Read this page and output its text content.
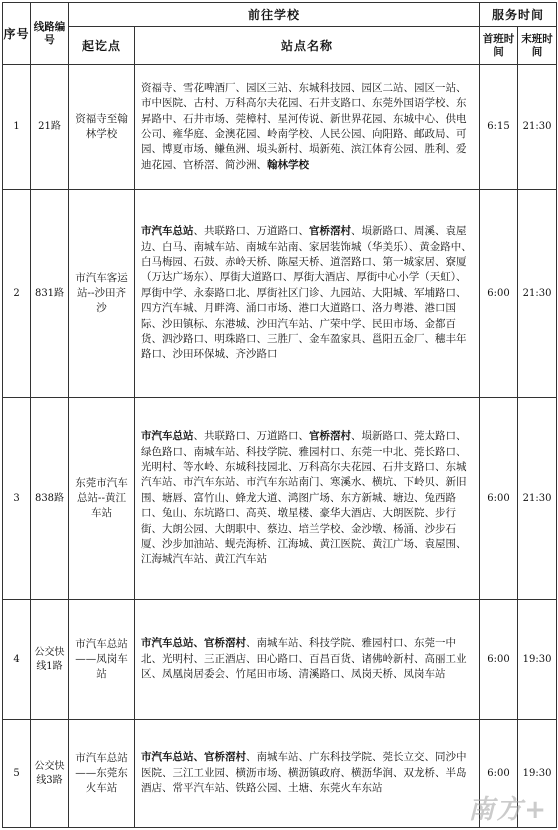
序号	线路编号	前往学校		服务时间	
		起讫点	站点名称	首班时间	末班时间
1	21路	资福寺至翰林学校	资福寺、雪花啤酒厂、园区三站、东城科技园、园区二站、园区一站、市中医院、古村、万科高尔夫花园、石井支路口、东莞外国语学校、东昇路中、石井市场、莞樟村、星河传说、新世界花园、东城中心、供电公司、雍华庭、金澳花园、岭南学校、人民公园、向阳路、邮政局、可园、博夏市场、鳒鱼洲、埙头新村、埙新苑、滨江体育公园、胜利、爱迪花园、官桥滘、简沙洲、翰林学校	6:15	21:30
2	831路	市汽车客运站--沙田齐沙	市汽车总站、共联路口、万道路口、官桥滘村、埙新路口、周溪、袁屋边、白马、南城车站、南城车站南、家居装饰城（华美乐）、黄金路中、白马梅园、石鼓、赤岭天桥、陈屋天桥、道滘路口、第一城家居、寮厦（万达广场东）、厚街大道路口、厚街大酒店、厚街中心小学（天虹）、厚街中学、永泰路口北、厚街社区门诊、九园站、大阳城、军埔路口、四方汽车城、月畔湾、涌口市场、港口大道路口、洛力粤港、港口国际、沙田镇标、东港城、沙田汽车站、广荣中学、民田市场、金都百货、泗沙路口、明珠路口、三胜厂、金车盈家具、邕阳五金厂、穗丰年路口、沙田环保城、齐沙路口	6:00	21:30
3	838路	东莞市汽车总站--黄江车站	市汽车总站、共联路口、万道路口、官桥滘村、埙新路口、莞太路口、绿色路口、南城车站、科技学院、雅园村口、东莞一中北、莞长路口、光明村、等水岭、东城科技园北、万科高尔夫花园、石井支路口、东城汽车站、市汽车东站、市汽车东站南门、寒溪水、横坑、下岭贝、新旧围、塘唇、富竹山、蜂龙大道、鸿图广场、东方新城、塘边、兔西路口、兔山、东坑路口、高英、墩星楼、豪华大酒店、大朗医院、步行街、大朗公园、大朗职中、蔡边、培兰学校、金沙墩、杨涌、沙步石厦、沙步加油站、蚬壳海桥、江海城、黄江医院、黄江广场、袁屋围、江海城汽车站、黄江汽车站	6:00	21:30
4	公交快线1路	市汽车总站——凤岗车站	市汽车总站、官桥滘村、南城车站、科技学院、雅园村口、东莞一中北、光明村、三正酒店、田心路口、百昌百货、诸佛岭新村、高丽工业区、凤凰岗居委会、竹尾田市场、清溪路口、凤岗天桥、凤岗车站	6:00	19:30
5	公交快线3路	市汽车总站——东莞东火车站	市汽车总站、官桥滘村、南城车站、广东科技学院、莞长立交、同沙中医院、三江工业园、横沥市场、横沥镇政府、横沥华润、双龙桥、半岛酒店、常平汽车站、铁路公园、土塘、东莞火车东站	6:00	19:30
南方+
